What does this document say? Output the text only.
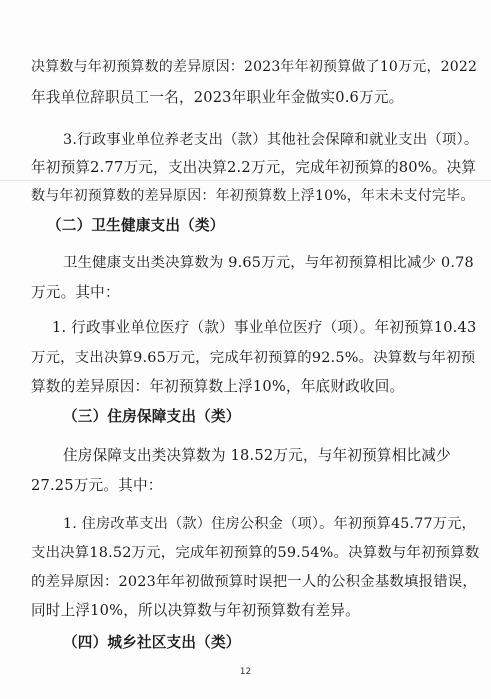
决算数与年初预算数的差异原因：2023年年初预算做了10万元，2022
年我单位辞职员工一名，2023年职业年金做实0.6万元。
3.行政事业单位养老支出（款）其他社会保障和就业支出（项）。
年初预算2.77万元，支出决算2.2万元，完成年初预算的80%。决算
数与年初预算数的差异原因：年初预算数上浮10%，年末未支付完毕。
（二）卫生健康支出（类）
卫生健康支出类决算数为 9.65万元，与年初预算相比减少 0.78
万元。其中：
1. 行政事业单位医疗（款）事业单位医疗（项）。年初预算10.43
万元，支出决算9.65万元，完成年初预算的92.5%。决算数与年初预
算数的差异原因：年初预算数上浮10%，年底财政收回。
（三）住房保障支出（类）
住房保障支出类决算数为 18.52万元，与年初预算相比减少
27.25万元。其中：
1. 住房改革支出（款）住房公积金（项）。年初预算45.77万元，
支出决算18.52万元，完成年初预算的59.54%。决算数与年初预算数
的差异原因：2023年年初做预算时误把一人的公积金基数填报错误，
同时上浮10%，所以决算数与年初预算数有差异。
（四）城乡社区支出（类）
12
